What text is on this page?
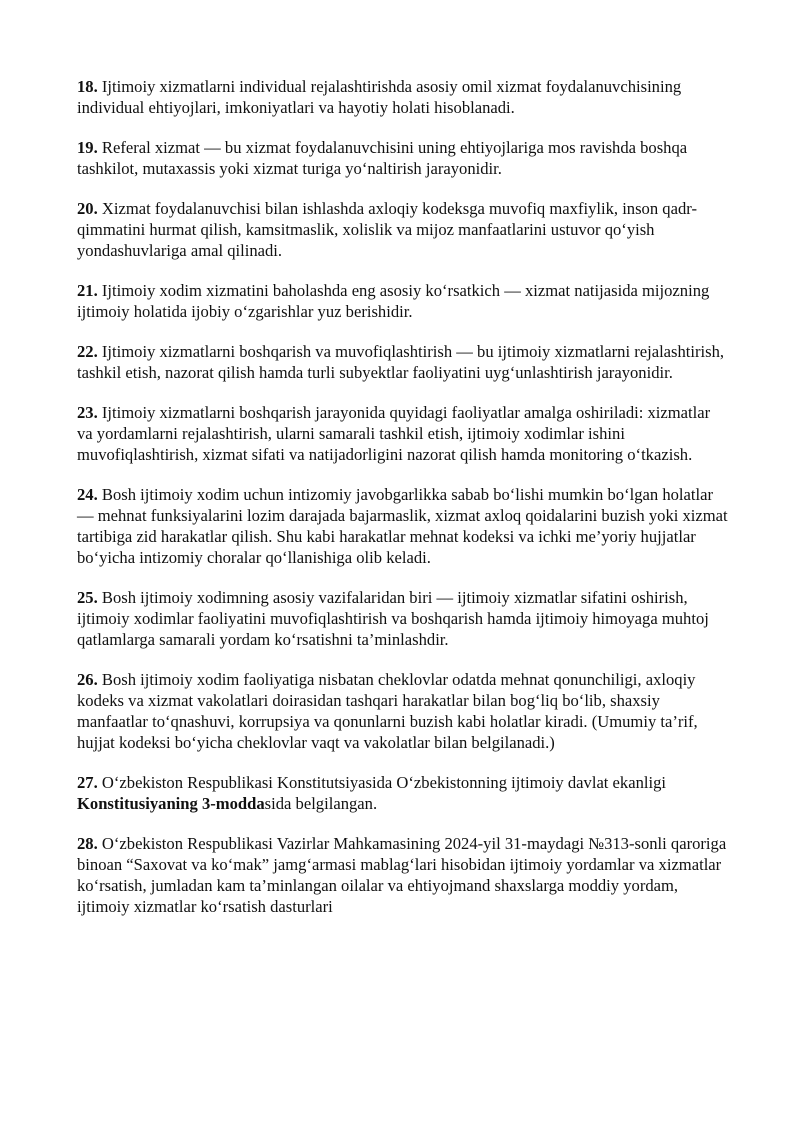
18. Ijtimoiy xizmatlarni individual rejalashtirishda asosiy omil xizmat foydalanuvchisining individual ehtiyojlari, imkoniyatlari va hayotiy holati hisoblanadi.

19. Referal xizmat — bu xizmat foydalanuvchisini uning ehtiyojlariga mos ravishda boshqa tashkilot, mutaxassis yoki xizmat turiga yo‘naltirish jarayonidir.

20. Xizmat foydalanuvchisi bilan ishlashda axloqiy kodeksga muvofiq maxfiylik, inson qadr-qimmatini hurmat qilish, kamsitmaslik, xolislik va mijoz manfaatlarini ustuvor qo‘yish yondashuvlariga amal qilinadi.

21. Ijtimoiy xodim xizmatini baholashda eng asosiy ko‘rsatkich — xizmat natijasida mijozning ijtimoiy holatida ijobiy o‘zgarishlar yuz berishidir.

22. Ijtimoiy xizmatlarni boshqarish va muvofiqlashtirish — bu ijtimoiy xizmatlarni rejalashtirish, tashkil etish, nazorat qilish hamda turli subyektlar faoliyatini uyg‘unlashtirish jarayonidir.

23. Ijtimoiy xizmatlarni boshqarish jarayonida quyidagi faoliyatlar amalga oshiriladi: xizmatlar va yordamlarni rejalashtirish, ularni samarali tashkil etish, ijtimoiy xodimlar ishini muvofiqlashtirish, xizmat sifati va natijadorligini nazorat qilish hamda monitoring o‘tkazish.

24. Bosh ijtimoiy xodim uchun intizomiy javobgarlikka sabab bo‘lishi mumkin bo‘lgan holatlar — mehnat funksiyalarini lozim darajada bajarmaslik, xizmat axloq qoidalarini buzish yoki xizmat tartibiga zid harakatlar qilish. Shu kabi harakatlar mehnat kodeksi va ichki me’yoriy hujjatlar bo‘yicha intizomiy choralar qo‘llanishiga olib keladi.

25. Bosh ijtimoiy xodimning asosiy vazifalaridan biri — ijtimoiy xizmatlar sifatini oshirish, ijtimoiy xodimlar faoliyatini muvofiqlashtirish va boshqarish hamda ijtimoiy himoyaga muhtoj qatlamlarga samarali yordam ko‘rsatishni ta’minlashdir.

26. Bosh ijtimoiy xodim faoliyatiga nisbatan cheklovlar odatda mehnat qonunchiligi, axloqiy kodeks va xizmat vakolatlari doirasidan tashqari harakatlar bilan bog‘liq bo‘lib, shaxsiy manfaatlar to‘qnashuvi, korrupsiya va qonunlarni buzish kabi holatlar kiradi. (Umumiy ta’rif, hujjat kodeksi bo‘yicha cheklovlar vaqt va vakolatlar bilan belgilanadi.)

27. O‘zbekiston Respublikasi Konstitutsiyasida O‘zbekistonning ijtimoiy davlat ekanligi Konstitusiyaning 3-moddasida belgilangan.

28. O‘zbekiston Respublikasi Vazirlar Mahkamasining 2024-yil 31-maydagi №313-sonli qaroriga binoan “Saxovat va ko‘mak” jamg‘armasi mablag‘lari hisobidan ijtimoiy yordamlar va xizmatlar ko‘rsatish, jumladan kam ta’minlangan oilalar va ehtiyojmand shaxslarga moddiy yordam, ijtimoiy xizmatlar ko‘rsatish dasturlari
